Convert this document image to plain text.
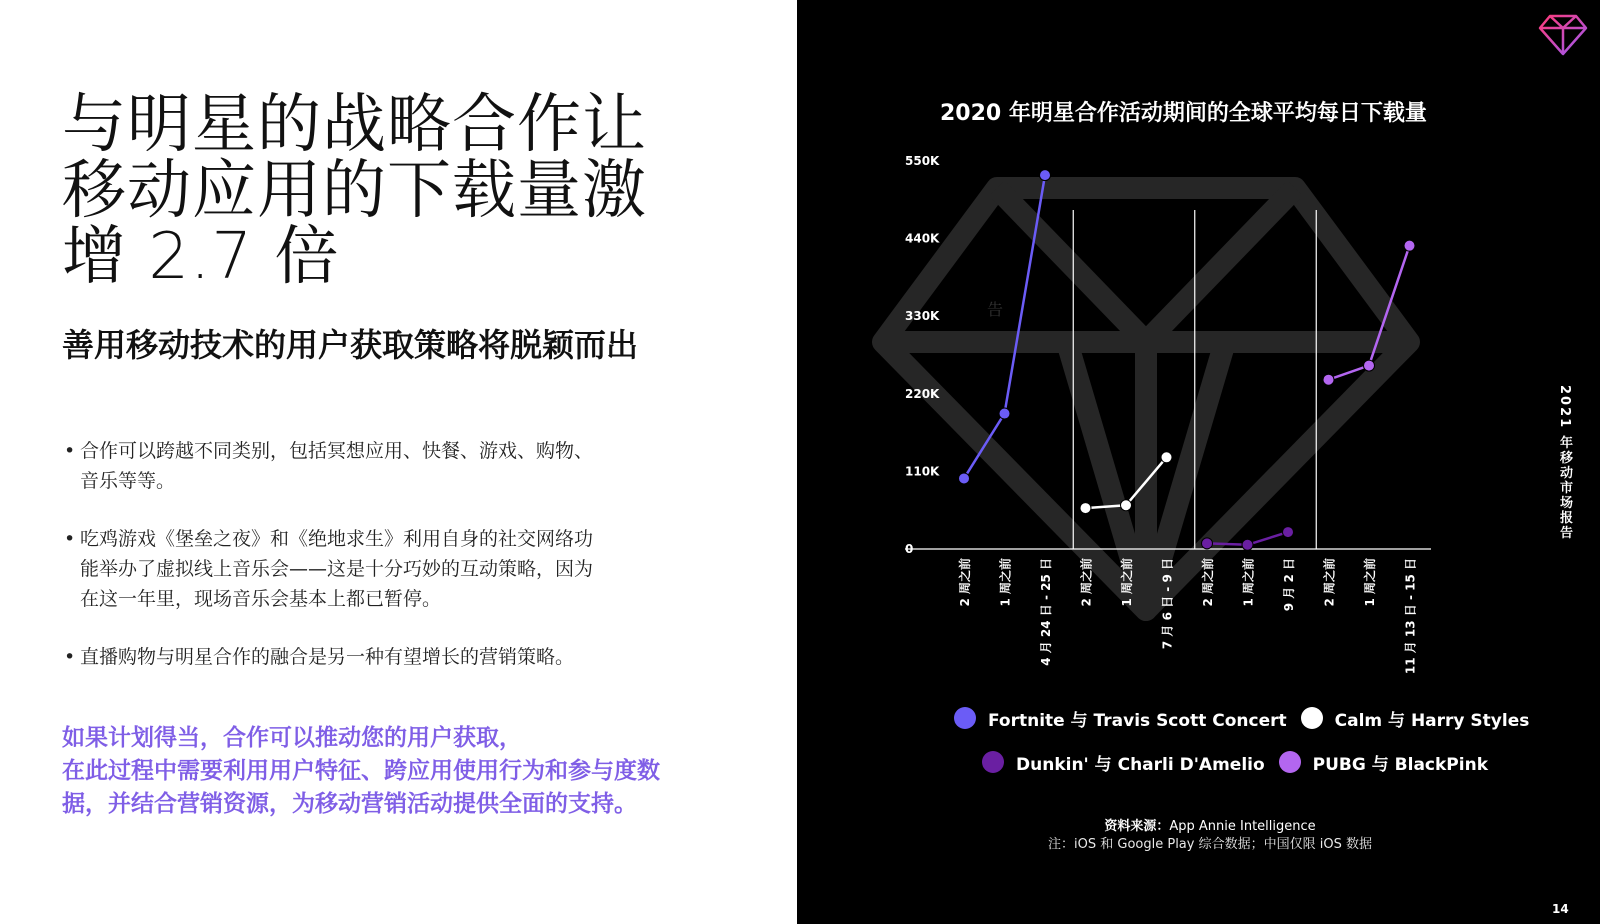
与明星的战略合作让
移动应用的下载量激
增 2.7 倍
善用移动技术的用户获取策略将脱颖而出
• 合作可以跨越不同类别，包括冥想应用、快餐、游戏、购物、
音乐等等。
• 吃鸡游戏《堡垒之夜》和《绝地求生》利用自身的社交网络功
能举办了虚拟线上音乐会——这是十分巧妙的互动策略，因为
在这一年里，现场音乐会基本上都已暂停。
• 直播购物与明星合作的融合是另一种有望增长的营销策略。
如果计划得当，合作可以推动您的用户获取，
在此过程中需要利用用户特征、跨应用使用行为和参与度数
据，并结合营销资源，为移动营销活动提供全面的支持。
2020 年明星合作活动期间的全球平均每日下载量
告
550K
440K
330K
220K
110K
0
2 周之前 1 周之前 4 月 24 日 - 25 日 2 周之前 1 周之前 7 月 6 日 - 9 日 2 周之前 1 周之前 9 月 2 日 2 周之前 1 周之前 11 月 13 日 - 15 日
Fortnite 与 Travis Scott Concert	Calm 与 Harry Styles
Dunkin' 与 Charli D'Amelio	PUBG 与 BlackPink
资料来源：App Annie Intelligence
注：iOS 和 Google Play 综合数据；中国仅限 iOS 数据
2021 年移动市场报告
14
